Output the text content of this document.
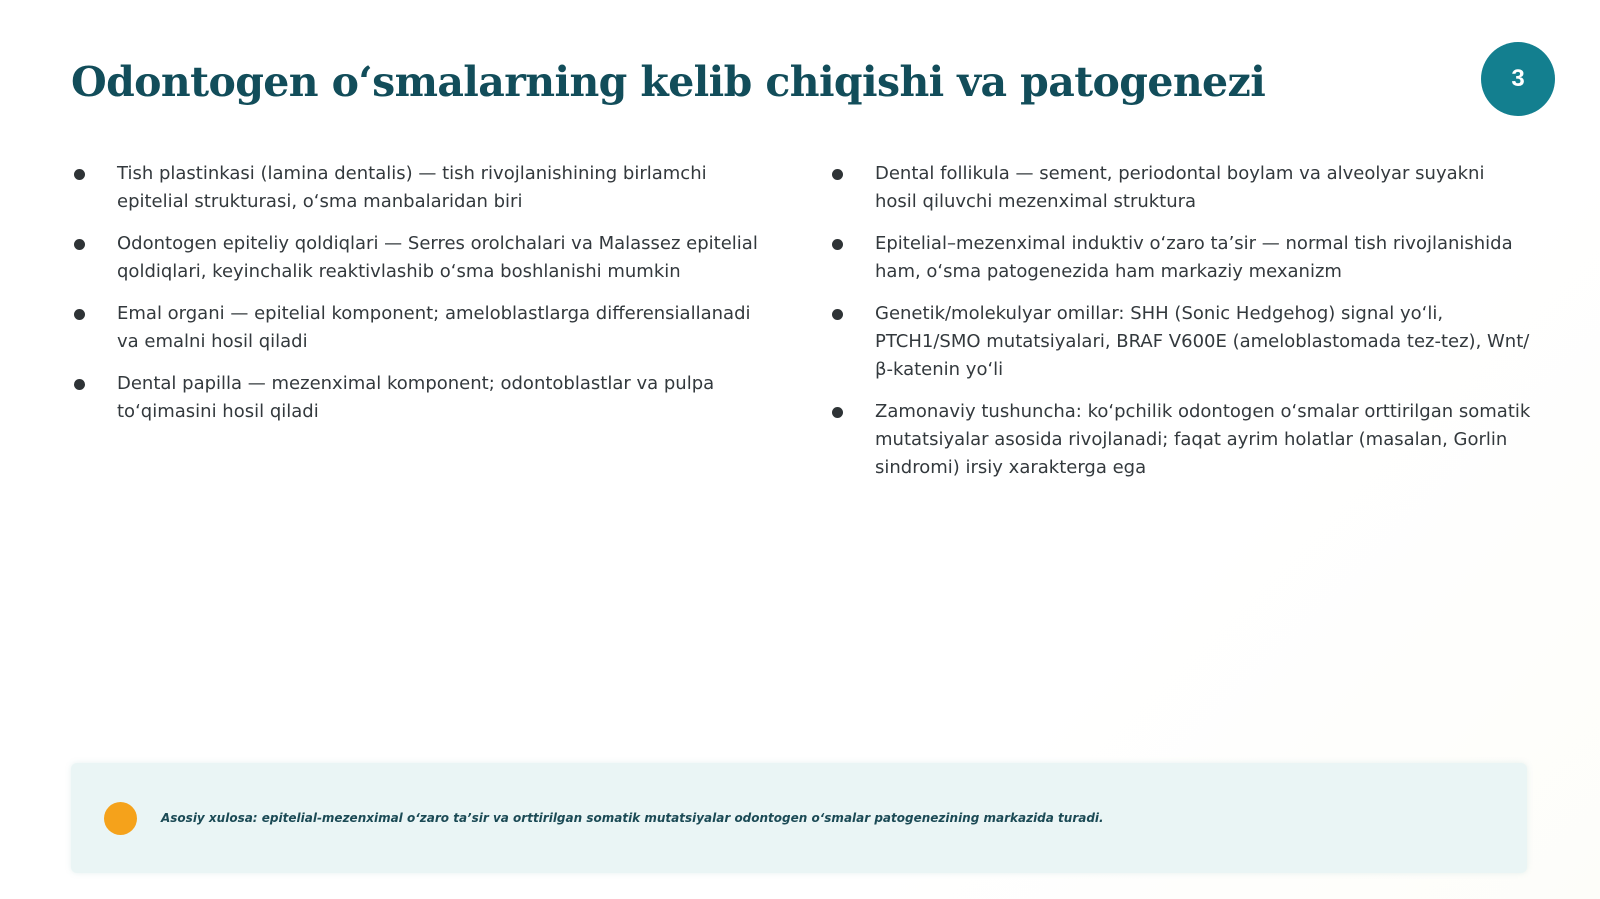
Odontogen o‘smalarning kelib chiqishi va patogenezi	3
Tish plastinkasi (lamina dentalis) — tish rivojlanishining birlamchi epitelial strukturasi, o‘sma manbalaridan biri
Odontogen epiteliy qoldiqlari — Serres orolchalari va Malassez epitelial qoldiqlari, keyinchalik reaktivlashib o‘sma boshlanishi mumkin
Emal organi — epitelial komponent; ameloblastlarga differensiallanadi va emalni hosil qiladi
Dental papilla — mezenximal komponent; odontoblastlar va pulpa to‘qimasini hosil qiladi
Dental follikula — sement, periodontal boylam va alveolyar suyakni hosil qiluvchi mezenximal struktura
Epitelial–mezenximal induktiv o‘zaro ta’sir — normal tish rivojlanishida ham, o‘sma patogenezida ham markaziy mexanizm
Genetik/molekulyar omillar: SHH (Sonic Hedgehog) signal yo‘li, PTCH1/SMO mutatsiyalari, BRAF V600E (ameloblastomada tez-tez), Wnt/β-katenin yo‘li
Zamonaviy tushuncha: ko‘pchilik odontogen o‘smalar orttirilgan somatik mutatsiyalar asosida rivojlanadi; faqat ayrim holatlar (masalan, Gorlin sindromi) irsiy xarakterga ega
Asosiy xulosa: epitelial-mezenximal o‘zaro ta’sir va orttirilgan somatik mutatsiyalar odontogen o‘smalar patogenezining markazida turadi.
